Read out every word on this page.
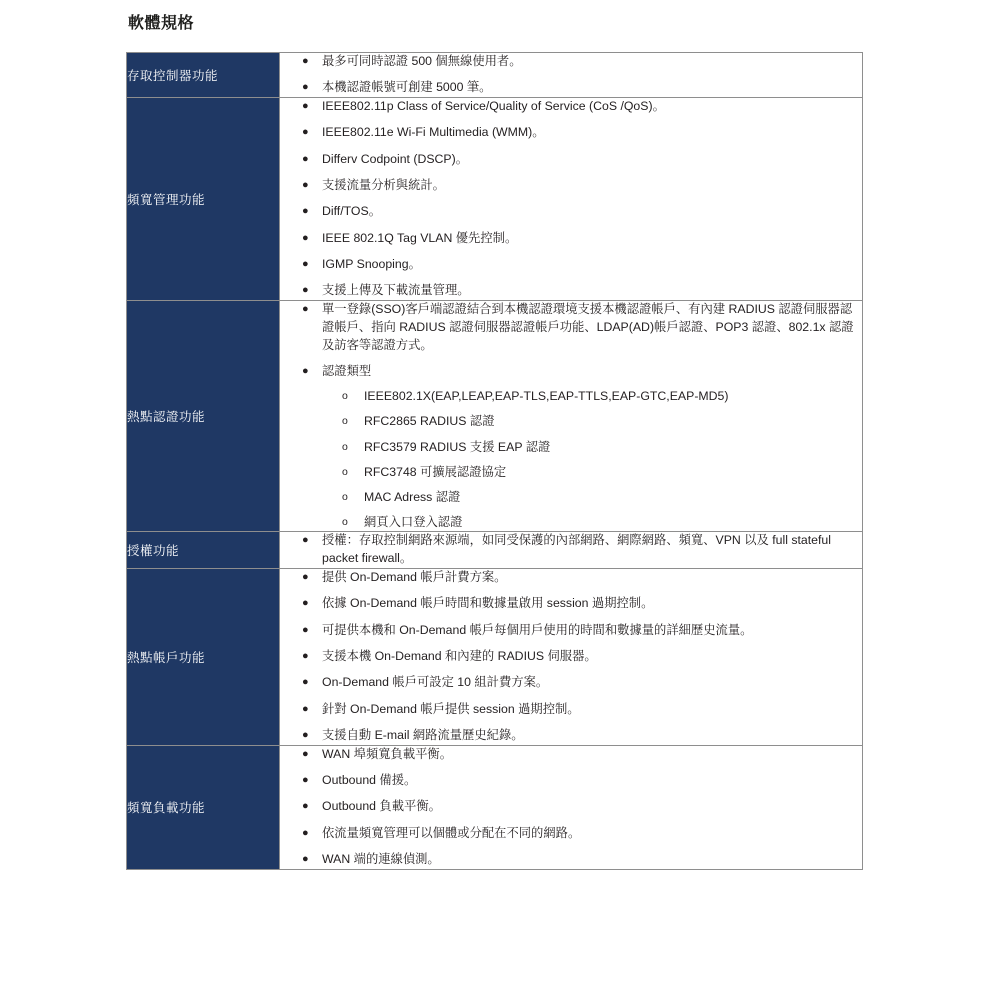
軟體規格
存取控制器功能	
● 最多可同時認證 500 個無線使用者。
● 本機認證帳號可創建 5000 筆。

頻寬管理功能	
● IEEE802.11p Class of Service/Quality of Service (CoS /QoS)。
● IEEE802.11e Wi-Fi Multimedia (WMM)。
● Differv Codpoint (DSCP)。
● 支援流量分析與統計。
● Diff/TOS。
● IEEE 802.1Q Tag VLAN 優先控制。
● IGMP Snooping。
● 支援上傳及下載流量管理。

熱點認證功能	
● 單一登錄(SSO)客戶端認證結合到本機認證環境支援本機認證帳戶、有內建 RADIUS 認證伺服器認證帳戶、指向 RADIUS 認證伺服器認證帳戶功能、LDAP(AD)帳戶認證、POP3 認證、802.1x 認證及訪客等認證方式。
● 認證類型
o IEEE802.1X(EAP,LEAP,EAP-TLS,EAP-TTLS,EAP-GTC,EAP-MD5)
o RFC2865 RADIUS 認證
o RFC3579 RADIUS 支援 EAP 認證
o RFC3748 可擴展認證協定
o MAC Adress 認證
o 網頁入口登入認證

授權功能	
● 授權：存取控制網路來源端，如同受保護的內部網路、網際網路、頻寬、VPN 以及 full stateful packet firewall。

熱點帳戶功能	
● 提供 On-Demand 帳戶計費方案。
● 依據 On-Demand 帳戶時間和數據量啟用 session 過期控制。
● 可提供本機和 On-Demand 帳戶每個用戶使用的時間和數據量的詳細歷史流量。
● 支援本機 On-Demand 和內建的 RADIUS 伺服器。
● On-Demand 帳戶可設定 10 組計費方案。
● 針對 On-Demand 帳戶提供 session 過期控制。
● 支援自動 E-mail 網路流量歷史紀錄。

頻寬負載功能	
● WAN 埠頻寬負載平衡。
● Outbound 備援。
● Outbound 負載平衡。
● 依流量頻寬管理可以個體或分配在不同的網路。
● WAN 端的連線偵測。
